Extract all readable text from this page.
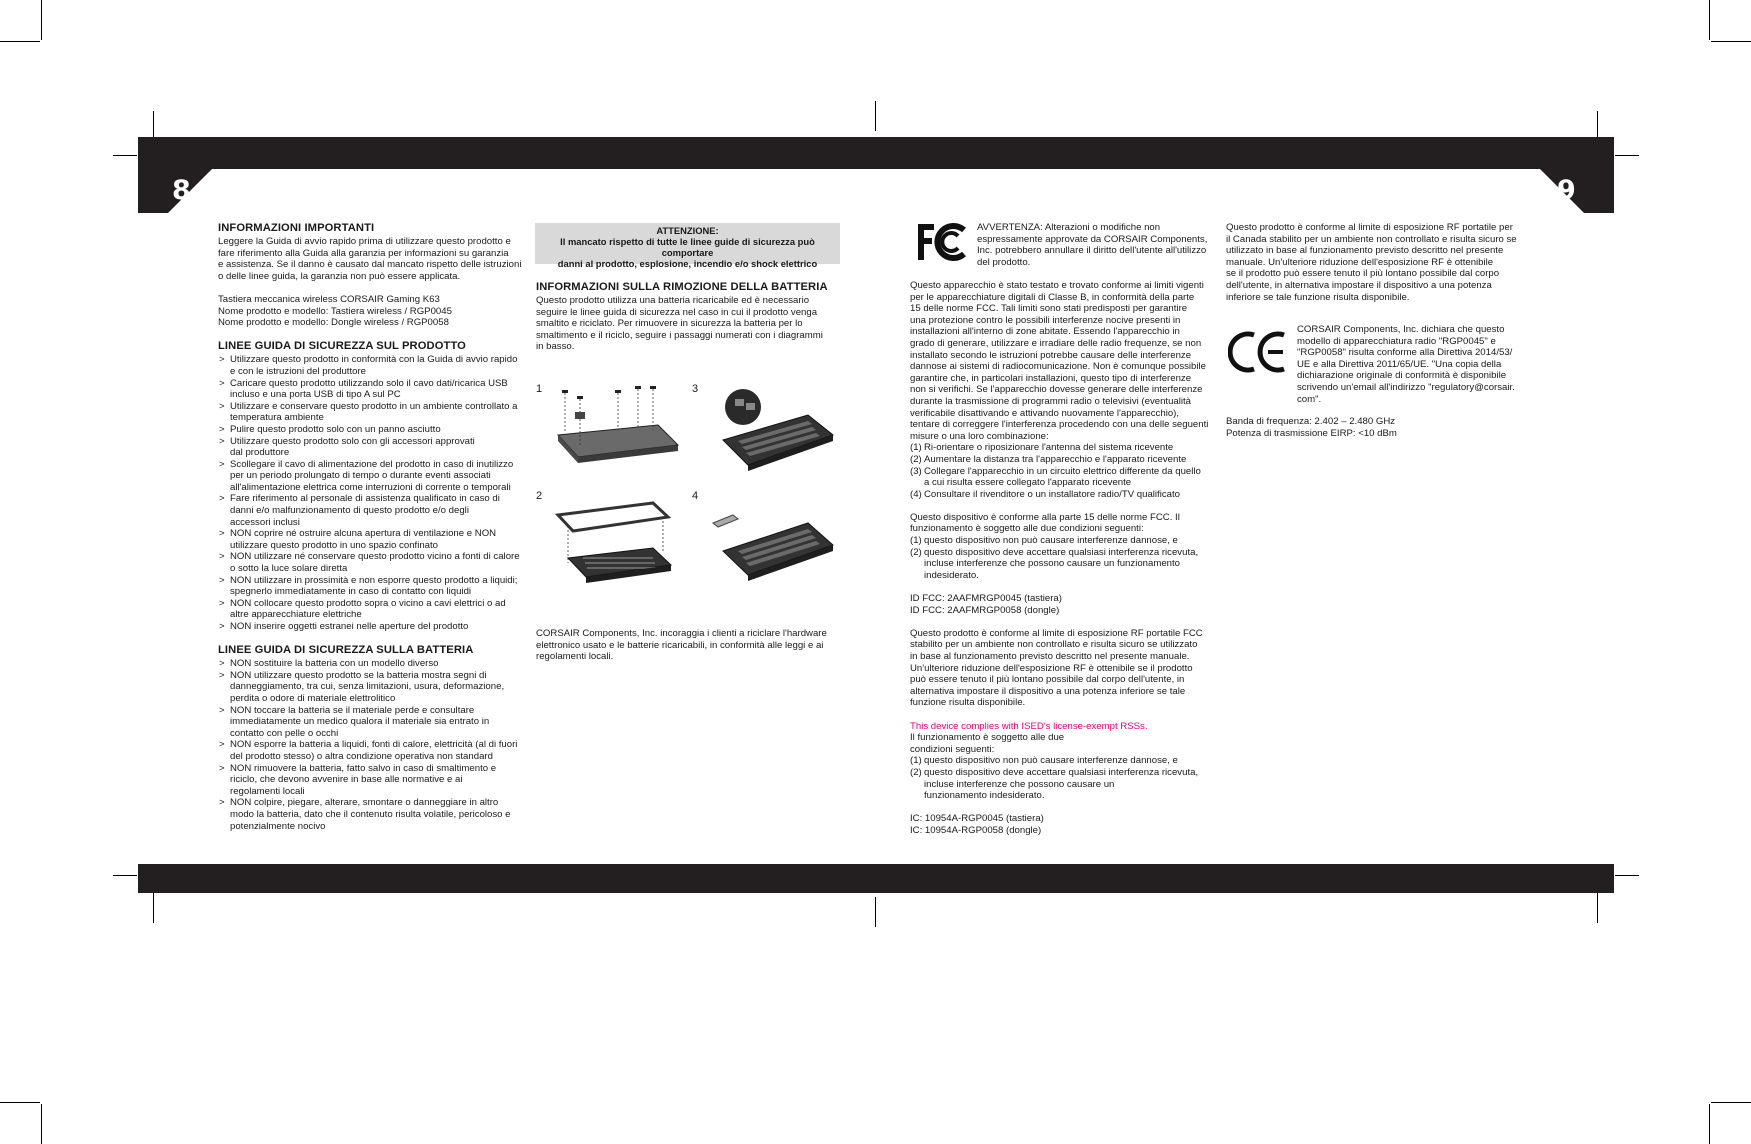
8	9
INFORMAZIONI IMPORTANTI

Leggere la Guida di avvio rapido prima di utilizzare questo prodotto e
fare riferimento alla Guida alla garanzia per informazioni su garanzia
e assistenza. Se il danno è causato dal mancato rispetto delle istruzioni
o delle linee guida, la garanzia non può essere applicata.

Tastiera meccanica wireless CORSAIR Gaming K63
Nome prodotto e modello: Tastiera wireless / RGP0045
Nome prodotto e modello: Dongle wireless / RGP0058

LINEE GUIDA DI SICUREZZA SUL PRODOTTO
> Utilizzare questo prodotto in conformità con la Guida di avvio rapido
e con le istruzioni del produttore
> Caricare questo prodotto utilizzando solo il cavo dati/ricarica USB
incluso e una porta USB di tipo A sul PC
> Utilizzare e conservare questo prodotto in un ambiente controllato a
temperatura ambiente
> Pulire questo prodotto solo con un panno asciutto
> Utilizzare questo prodotto solo con gli accessori approvati
dal produttore
> Scollegare il cavo di alimentazione del prodotto in caso di inutilizzo
per un periodo prolungato di tempo o durante eventi associati
all'alimentazione elettrica come interruzioni di corrente o temporali
> Fare riferimento al personale di assistenza qualificato in caso di
danni e/o malfunzionamento di questo prodotto e/o degli
accessori inclusi
> NON coprire né ostruire alcuna apertura di ventilazione e NON
utilizzare questo prodotto in uno spazio confinato
> NON utilizzare né conservare questo prodotto vicino a fonti di calore
o sotto la luce solare diretta
> NON utilizzare in prossimità e non esporre questo prodotto a liquidi;
spegnerlo immediatamente in caso di contatto con liquidi
> NON collocare questo prodotto sopra o vicino a cavi elettrici o ad
altre apparecchiature elettriche
> NON inserire oggetti estranei nelle aperture del prodotto
LINEE GUIDA DI SICUREZZA SULLA BATTERIA
> NON sostituire la batteria con un modello diverso
> NON utilizzare questo prodotto se la batteria mostra segni di
danneggiamento, tra cui, senza limitazioni, usura, deformazione,
perdita o odore di materiale elettrolitico
> NON toccare la batteria se il materiale perde e consultare
immediatamente un medico qualora il materiale sia entrato in
contatto con pelle o occhi
> NON esporre la batteria a liquidi, fonti di calore, elettricità (al di fuori
del prodotto stesso) o altra condizione operativa non standard
> NON rimuovere la batteria, fatto salvo in caso di smaltimento e
riciclo, che devono avvenire in base alle normative e ai
regolamenti locali
> NON colpire, piegare, alterare, smontare o danneggiare in altro
modo la batteria, dato che il contenuto risulta volatile, pericoloso e
potenzialmente nocivo
ATTENZIONE:

Il mancato rispetto di tutte le linee guide di sicurezza può comportare
danni al prodotto, esplosione, incendio e/o shock elettrico

INFORMAZIONI SULLA RIMOZIONE DELLA BATTERIA

Questo prodotto utilizza una batteria ricaricabile ed è necessario
seguire le linee guida di sicurezza nel caso in cui il prodotto venga
smaltito e riciclato. Per rimuovere in sicurezza la batteria per lo
smaltimento e il riciclo, seguire i passaggi numerati con i diagrammi
in basso.

1
2
3
4

CORSAIR Components, Inc. incoraggia i clienti a riciclare l'hardware
elettronico usato e le batterie ricaricabili, in conformità alle leggi e ai
regolamenti locali.

AVVERTENZA: Alterazioni o modifiche non
espressamente approvate da CORSAIR Components,
Inc. potrebbero annullare il diritto dell'utente all'utilizzo
del prodotto.

Questo apparecchio è stato testato e trovato conforme ai limiti vigenti
per le apparecchiature digitali di Classe B, in conformità della parte
15 delle norme FCC. Tali limiti sono stati predisposti per garantire
una protezione contro le possibili interferenze nocive presenti in
installazioni all'interno di zone abitate. Essendo l'apparecchio in
grado di generare, utilizzare e irradiare delle radio frequenze, se non
installato secondo le istruzioni potrebbe causare delle interferenze
dannose ai sistemi di radiocomunicazione. Non è comunque possibile
garantire che, in particolari installazioni, questo tipo di interferenze
non si verifichi. Se l'apparecchio dovesse generare delle interferenze
durante la trasmissione di programmi radio o televisivi (eventualità
verificabile disattivando e attivando nuovamente l'apparecchio),
tentare di correggere l'interferenza procedendo con una delle seguenti
misure o una loro combinazione:

(1) Ri-orientare o riposizionare l'antenna del sistema ricevente
(2) Aumentare la distanza tra l'apparecchio e l'apparato ricevente
(3) Collegare l'apparecchio in un circuito elettrico differente da quello
a cui risulta essere collegato l'apparato ricevente
(4) Consultare il rivenditore o un installatore radio/TV qualificato

Questo dispositivo è conforme alla parte 15 delle norme FCC. Il
funzionamento è soggetto alle due condizioni seguenti:

(1) questo dispositivo non può causare interferenze dannose, e
(2) questo dispositivo deve accettare qualsiasi interferenza ricevuta,
incluse interferenze che possono causare un funzionamento
indesiderato.

ID FCC: 2AAFMRGP0045 (tastiera)
ID FCC: 2AAFMRGP0058 (dongle)

Questo prodotto è conforme al limite di esposizione RF portatile FCC
stabilito per un ambiente non controllato e risulta sicuro se utilizzato
in base al funzionamento previsto descritto nel presente manuale.
Un'ulteriore riduzione dell'esposizione RF è ottenibile se il prodotto
può essere tenuto il più lontano possibile dal corpo dell'utente, in
alternativa impostare il dispositivo a una potenza inferiore se tale
funzione risulta disponibile.

This device complies with ISED's license-exempt RSSs.

Il funzionamento è soggetto alle due
condizioni seguenti:

(1) questo dispositivo non può causare interferenze dannose, e
(2) questo dispositivo deve accettare qualsiasi interferenza ricevuta,
incluse interferenze che possono causare un
funzionamento indesiderato.

IC: 10954A-RGP0045 (tastiera)
IC: 10954A-RGP0058 (dongle)

Questo prodotto è conforme al limite di esposizione RF portatile per
il Canada stabilito per un ambiente non controllato e risulta sicuro se
utilizzato in base al funzionamento previsto descritto nel presente
manuale. Un'ulteriore riduzione dell'esposizione RF è ottenibile
se il prodotto può essere tenuto il più lontano possibile dal corpo
dell'utente, in alternativa impostare il dispositivo a una potenza
inferiore se tale funzione risulta disponibile.

CORSAIR Components, Inc. dichiara che questo
modello di apparecchiatura radio "RGP0045" e
"RGP0058" risulta conforme alla Direttiva 2014/53/
UE e alla Direttiva 2011/65/UE. "Una copia della
dichiarazione originale di conformità è disponibile
scrivendo un'email all'indirizzo "regulatory@corsair.
com".

Banda di frequenza: 2.402 – 2.480 GHz
Potenza di trasmissione EIRP: <10 dBm
